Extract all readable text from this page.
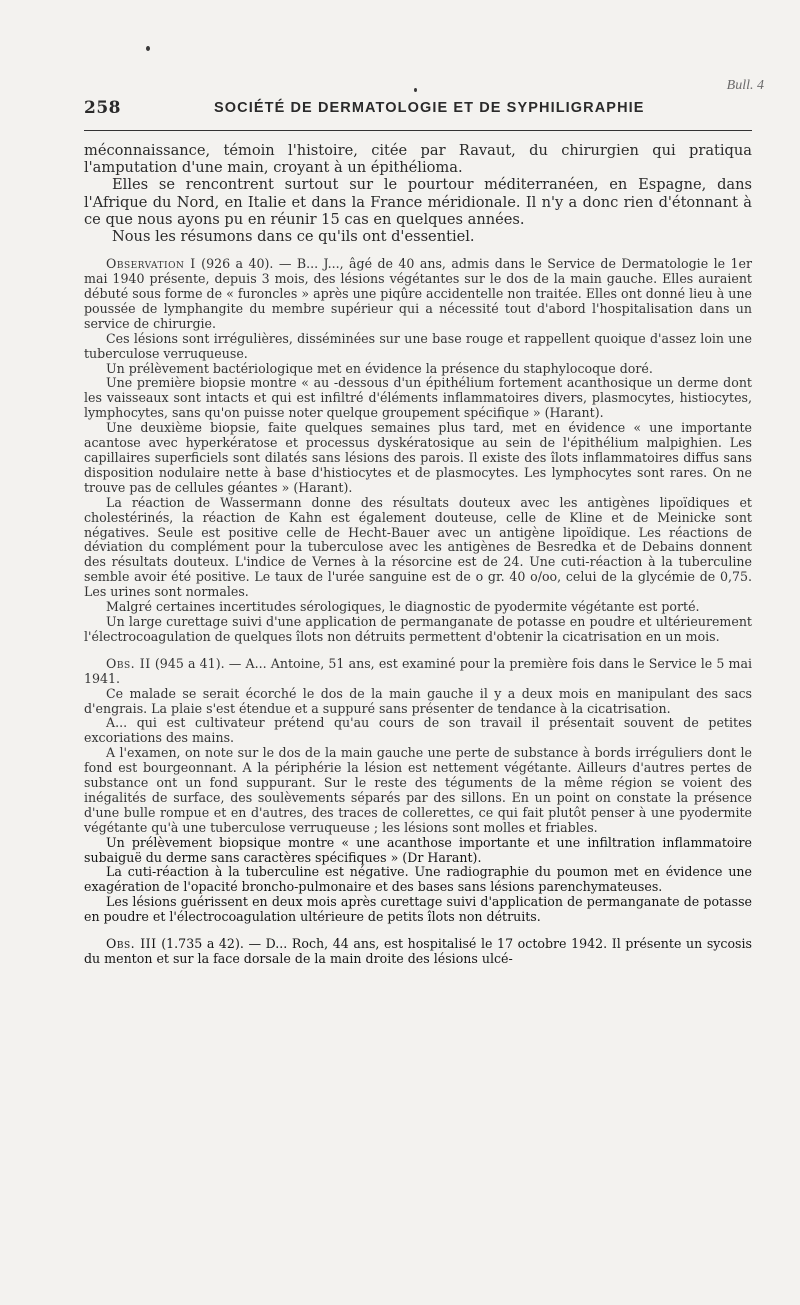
Bull. 4
258	SOCIÉTÉ DE DERMATOLOGIE ET DE SYPHILIGRAPHIE

méconnaissance, témoin l'histoire, citée par Ravaut, du chirurgien qui pratiqua l'amputation d'une main, croyant à un épithélioma.

Elles se rencontrent surtout sur le pourtour méditerranéen, en Espagne, dans l'Afrique du Nord, en Italie et dans la France méridionale. Il n'y a donc rien d'étonnant à ce que nous ayons pu en réunir 15 cas en quelques années.

Nous les résumons dans ce qu'ils ont d'essentiel.

Observation I (926 a 40). — B... J..., âgé de 40 ans, admis dans le Service de Dermatologie le 1er mai 1940 présente, depuis 3 mois, des lésions végétantes sur le dos de la main gauche. Elles auraient débuté sous forme de « furoncles » après une piqûre accidentelle non traitée. Elles ont donné lieu à une poussée de lymphangite du membre supérieur qui a nécessité tout d'abord l'hospitalisation dans un service de chirurgie.

Ces lésions sont irrégulières, disséminées sur une base rouge et rappellent quoique d'assez loin une tuberculose verruqueuse.

Un prélèvement bactériologique met en évidence la présence du staphylocoque doré.

Une première biopsie montre « au -dessous d'un épithélium fortement acanthosique un derme dont les vaisseaux sont intacts et qui est infiltré d'éléments inflammatoires divers, plasmocytes, histiocytes, lymphocytes, sans qu'on puisse noter quelque groupement spécifique » (Harant).

Une deuxième biopsie, faite quelques semaines plus tard, met en évidence « une importante acantose avec hyperkératose et processus dyskératosique au sein de l'épithélium malpighien. Les capillaires superficiels sont dilatés sans lésions des parois. Il existe des îlots inflammatoires diffus sans disposition nodulaire nette à base d'histiocytes et de plasmocytes. Les lymphocytes sont rares. On ne trouve pas de cellules géantes » (Harant).

La réaction de Wassermann donne des résultats douteux avec les antigènes lipoïdiques et cholestérinés, la réaction de Kahn est également douteuse, celle de Kline et de Meinicke sont négatives. Seule est positive celle de Hecht-Bauer avec un antigène lipoïdique. Les réactions de déviation du complément pour la tuberculose avec les antigènes de Besredka et de Debains donnent des résultats douteux. L'indice de Vernes à la résorcine est de 24. Une cuti-réaction à la tuberculine semble avoir été positive. Le taux de l'urée sanguine est de o gr. 40 o/oo, celui de la glycémie de 0,75. Les urines sont normales.

Malgré certaines incertitudes sérologiques, le diagnostic de pyodermite végétante est porté.

Un large curettage suivi d'une application de permanganate de potasse en poudre et ultérieurement l'électrocoagulation de quelques îlots non détruits permettent d'obtenir la cicatrisation en un mois.

Obs. II (945 a 41). — A... Antoine, 51 ans, est examiné pour la première fois dans le Service le 5 mai 1941.

Ce malade se serait écorché le dos de la main gauche il y a deux mois en manipulant des sacs d'engrais. La plaie s'est étendue et a suppuré sans présenter de tendance à la cicatrisation.

A... qui est cultivateur prétend qu'au cours de son travail il présentait souvent de petites excoriations des mains.

A l'examen, on note sur le dos de la main gauche une perte de substance à bords irréguliers dont le fond est bourgeonnant. A la périphérie la lésion est nettement végétante. Ailleurs d'autres pertes de substance ont un fond suppurant. Sur le reste des téguments de la même région se voient des inégalités de surface, des soulèvements séparés par des sillons. En un point on constate la présence d'une bulle rompue et en d'autres, des traces de collerettes, ce qui fait plutôt penser à une pyodermite végétante qu'à une tuberculose verruqueuse ; les lésions sont molles et friables.

Un prélèvement biopsique montre « une acanthose importante et une infiltration inflammatoire subaiguë du derme sans caractères spécifiques » (Dr Harant).

La cuti-réaction à la tuberculine est négative. Une radiographie du poumon met en évidence une exagération de l'opacité broncho-pulmonaire et des bases sans lésions parenchymateuses.

Les lésions guérissent en deux mois après curettage suivi d'application de permanganate de potasse en poudre et l'électrocoagulation ultérieure de petits îlots non détruits.

Obs. III (1.735 a 42). — D... Roch, 44 ans, est hospitalisé le 17 octobre 1942. Il présente un sycosis du menton et sur la face dorsale de la main droite des lésions ulcé-
